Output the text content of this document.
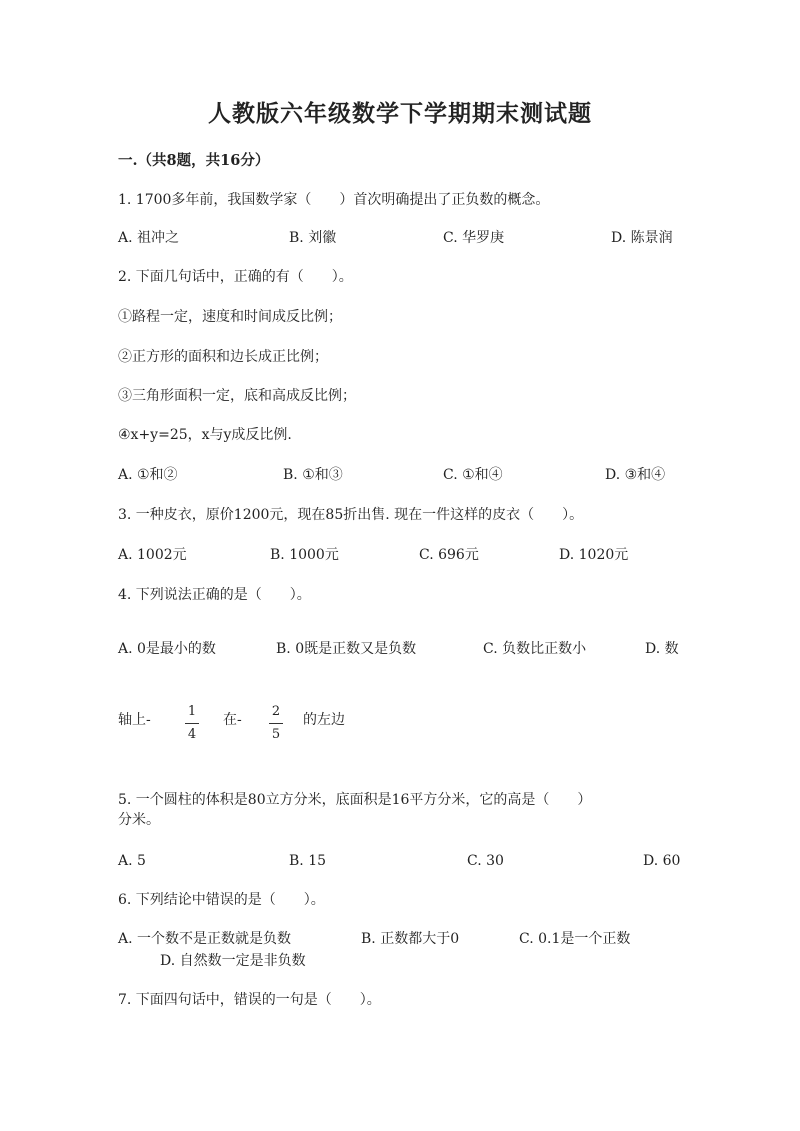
人教版六年级数学下学期期末测试题
一.（共8题，共16分）
1. 1700多年前，我国数学家（　　）首次明确提出了正负数的概念。
A. 祖冲之	B. 刘徽	C. 华罗庚	D. 陈景润
2. 下面几句话中，正确的有（　　）。
①路程一定，速度和时间成反比例；
②正方形的面积和边长成正比例；
③三角形面积一定，底和高成反比例；
④x+y=25，x与y成反比例.
A. ①和②	B. ①和③	C. ①和④	D. ③和④
3. 一种皮衣，原价1200元，现在85折出售. 现在一件这样的皮衣（　　）。
A. 1002元	B. 1000元	C. 696元	D. 1020元
4. 下列说法正确的是（　　）。
A. 0是最小的数	B. 0既是正数又是负数	C. 负数比正数小	D. 数
轴上-
1
4
在-
2
5
的左边
5. 一个圆柱的体积是80立方分米，底面积是16平方分米，它的高是（　　）
分米。
A. 5	B. 15	C. 30	D. 60
6. 下列结论中错误的是（　　）。
A. 一个数不是正数就是负数	B. 正数都大于0	C. 0.1是一个正数
D. 自然数一定是非负数
7. 下面四句话中，错误的一句是（　　）。
